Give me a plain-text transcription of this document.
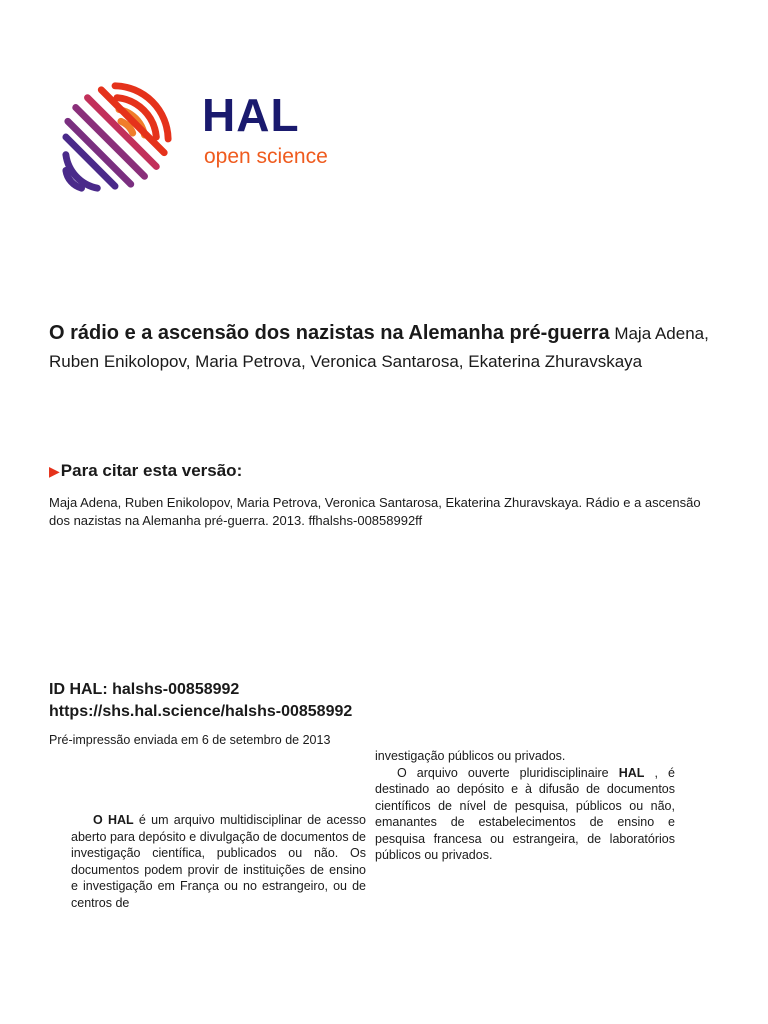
HAL
open science
O rádio e a ascensão dos nazistas na Alemanha pré-guerra Maja Adena, Ruben Enikolopov, Maria Petrova, Veronica Santarosa, Ekaterina Zhuravskaya
▶Para citar esta versão:
Maja Adena, Ruben Enikolopov, Maria Petrova, Veronica Santarosa, Ekaterina Zhuravskaya. Rádio e a ascensão dos nazistas na Alemanha pré-guerra. 2013. ffhalshs-00858992ff
ID HAL: halshs-00858992
https://shs.hal.science/halshs-00858992
Pré-impressão enviada em 6 de setembro de 2013

O HAL é um arquivo multidisciplinar de acesso aberto para depósito e divulgação de documentos de investigação científica, publicados ou não. Os documentos podem provir de instituições de ensino e investigação em França ou no estrangeiro, ou de centros de

investigação públicos ou privados.

O arquivo ouverte pluridisciplinaire HAL , é destinado ao depósito e à difusão de documentos científicos de nível de pesquisa, públicos ou não, emanantes de estabelecimentos de ensino e pesquisa francesa ou estrangeira, de laboratórios públicos ou privados.
